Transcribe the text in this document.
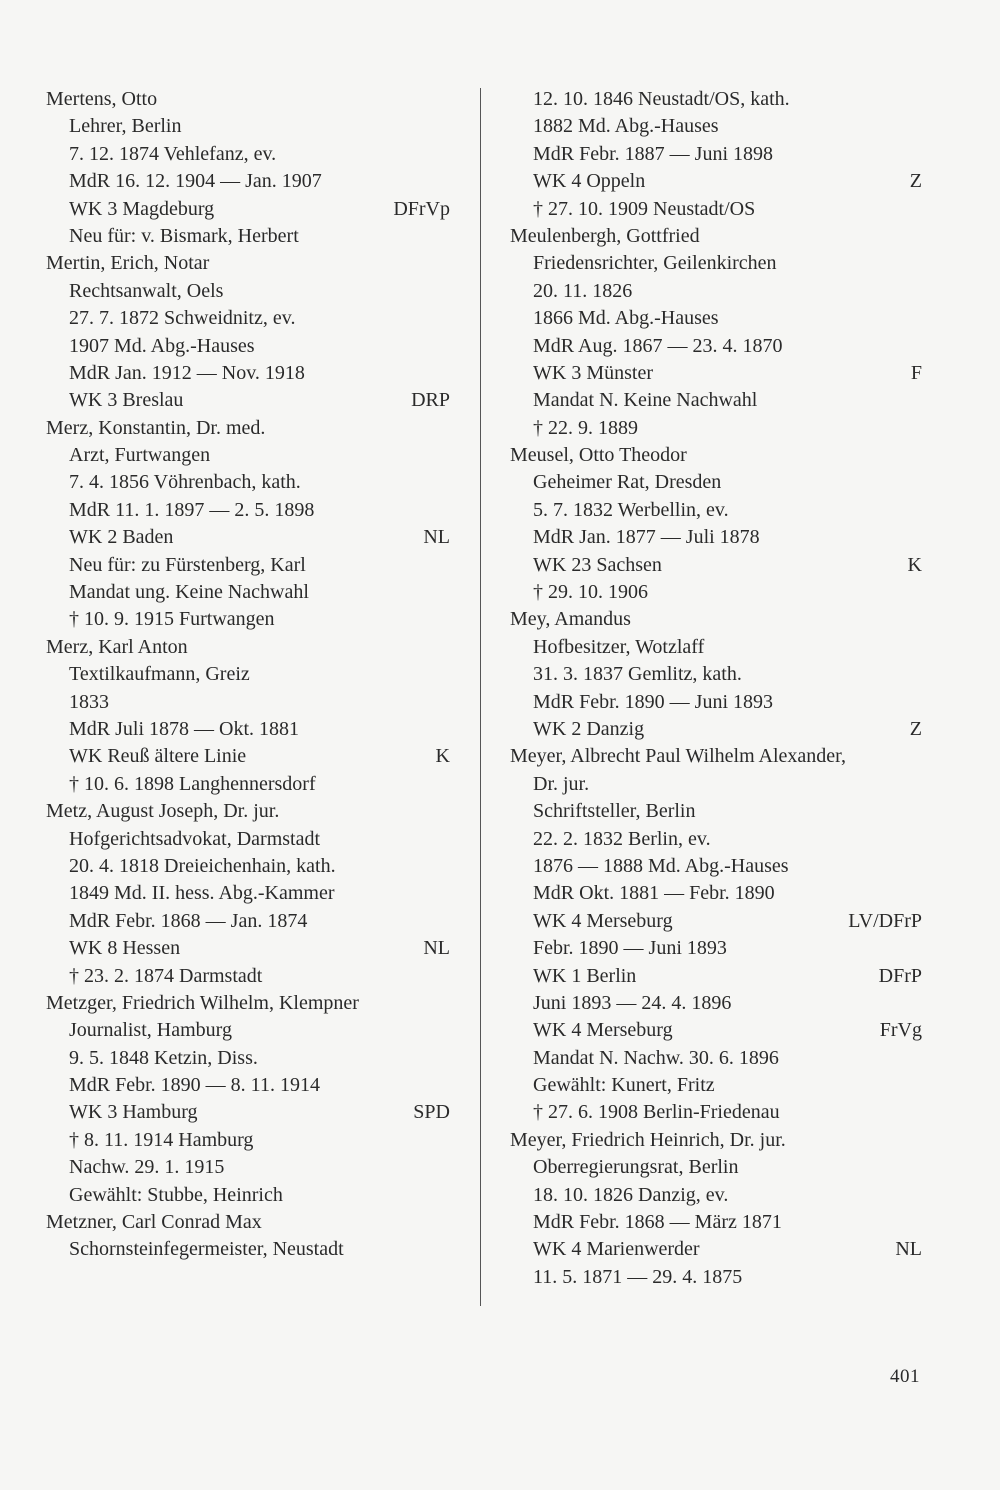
Mertens, Otto
Lehrer, Berlin
7. 12. 1874 Vehlefanz, ev.
MdR 16. 12. 1904 — Jan. 1907
WK 3 Magdeburg	DFrVp
Neu für: v. Bismark, Herbert
Mertin, Erich, Notar
Rechtsanwalt, Oels
27. 7. 1872 Schweidnitz, ev.
1907 Md. Abg.-Hauses
MdR Jan. 1912 — Nov. 1918
WK 3 Breslau	DRP
Merz, Konstantin, Dr. med.
Arzt, Furtwangen
7. 4. 1856 Vöhrenbach, kath.
MdR 11. 1. 1897 — 2. 5. 1898
WK 2 Baden	NL
Neu für: zu Fürstenberg, Karl
Mandat ung. Keine Nachwahl
† 10. 9. 1915 Furtwangen
Merz, Karl Anton
Textilkaufmann, Greiz
1833
MdR Juli 1878 — Okt. 1881
WK Reuß ältere Linie	K
† 10. 6. 1898 Langhennersdorf
Metz, August Joseph, Dr. jur.
Hofgerichtsadvokat, Darmstadt
20. 4. 1818 Dreieichenhain, kath.
1849 Md. II. hess. Abg.-Kammer
MdR Febr. 1868 — Jan. 1874
WK 8 Hessen	NL
† 23. 2. 1874 Darmstadt
Metzger, Friedrich Wilhelm, Klempner
Journalist, Hamburg
9. 5. 1848 Ketzin, Diss.
MdR Febr. 1890 — 8. 11. 1914
WK 3 Hamburg	SPD
† 8. 11. 1914 Hamburg
Nachw. 29. 1. 1915
Gewählt: Stubbe, Heinrich
Metzner, Carl Conrad Max
Schornsteinfegermeister, Neustadt
12. 10. 1846 Neustadt/OS, kath.
1882 Md. Abg.-Hauses
MdR Febr. 1887 — Juni 1898
WK 4 Oppeln	Z
† 27. 10. 1909 Neustadt/OS
Meulenbergh, Gottfried
Friedensrichter, Geilenkirchen
20. 11. 1826
1866 Md. Abg.-Hauses
MdR Aug. 1867 — 23. 4. 1870
WK 3 Münster	F
Mandat N. Keine Nachwahl
† 22. 9. 1889
Meusel, Otto Theodor
Geheimer Rat, Dresden
5. 7. 1832 Werbellin, ev.
MdR Jan. 1877 — Juli 1878
WK 23 Sachsen	K
† 29. 10. 1906
Mey, Amandus
Hofbesitzer, Wotzlaff
31. 3. 1837 Gemlitz, kath.
MdR Febr. 1890 — Juni 1893
WK 2 Danzig	Z
Meyer, Albrecht Paul Wilhelm Alexander,
Dr. jur.
Schriftsteller, Berlin
22. 2. 1832 Berlin, ev.
1876 — 1888 Md. Abg.-Hauses
MdR Okt. 1881 — Febr. 1890
WK 4 Merseburg	LV/DFrP
Febr. 1890 — Juni 1893
WK 1 Berlin	DFrP
Juni 1893 — 24. 4. 1896
WK 4 Merseburg	FrVg
Mandat N. Nachw. 30. 6. 1896
Gewählt: Kunert, Fritz
† 27. 6. 1908 Berlin-Friedenau
Meyer, Friedrich Heinrich, Dr. jur.
Oberregierungsrat, Berlin
18. 10. 1826 Danzig, ev.
MdR Febr. 1868 — März 1871
WK 4 Marienwerder	NL
11. 5. 1871 — 29. 4. 1875
401
